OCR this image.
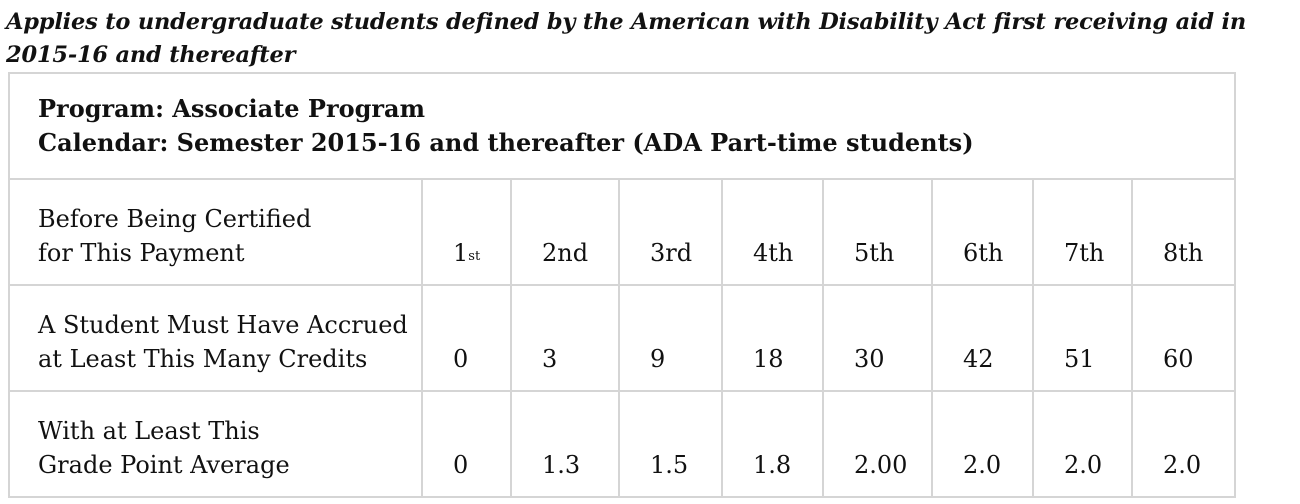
Applies to undergraduate students defined by the American with Disability Act first receiving aid in 2015-16 and thereafter
Program: Associate Program
Calendar: Semester 2015-16 and thereafter (ADA Part-time students)								

Before Being Certified
for This Payment	1st	2nd	3rd	4th	5th	6th	7th	8th

A Student Must Have Accrued
at Least This Many Credits	0	3	9	18	30	42	51	60

With at Least This
Grade Point Average	0	1.3	1.5	1.8	2.00	2.0	2.0	2.0
